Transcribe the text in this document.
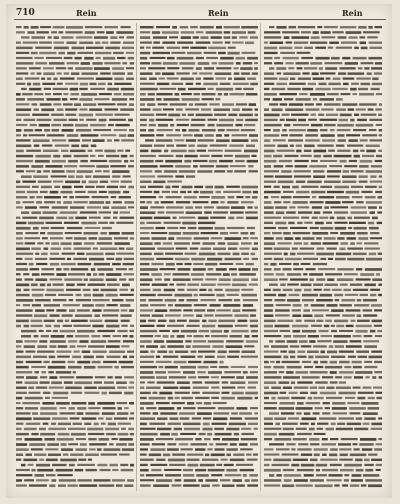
710	Rein	Rein	Rein
